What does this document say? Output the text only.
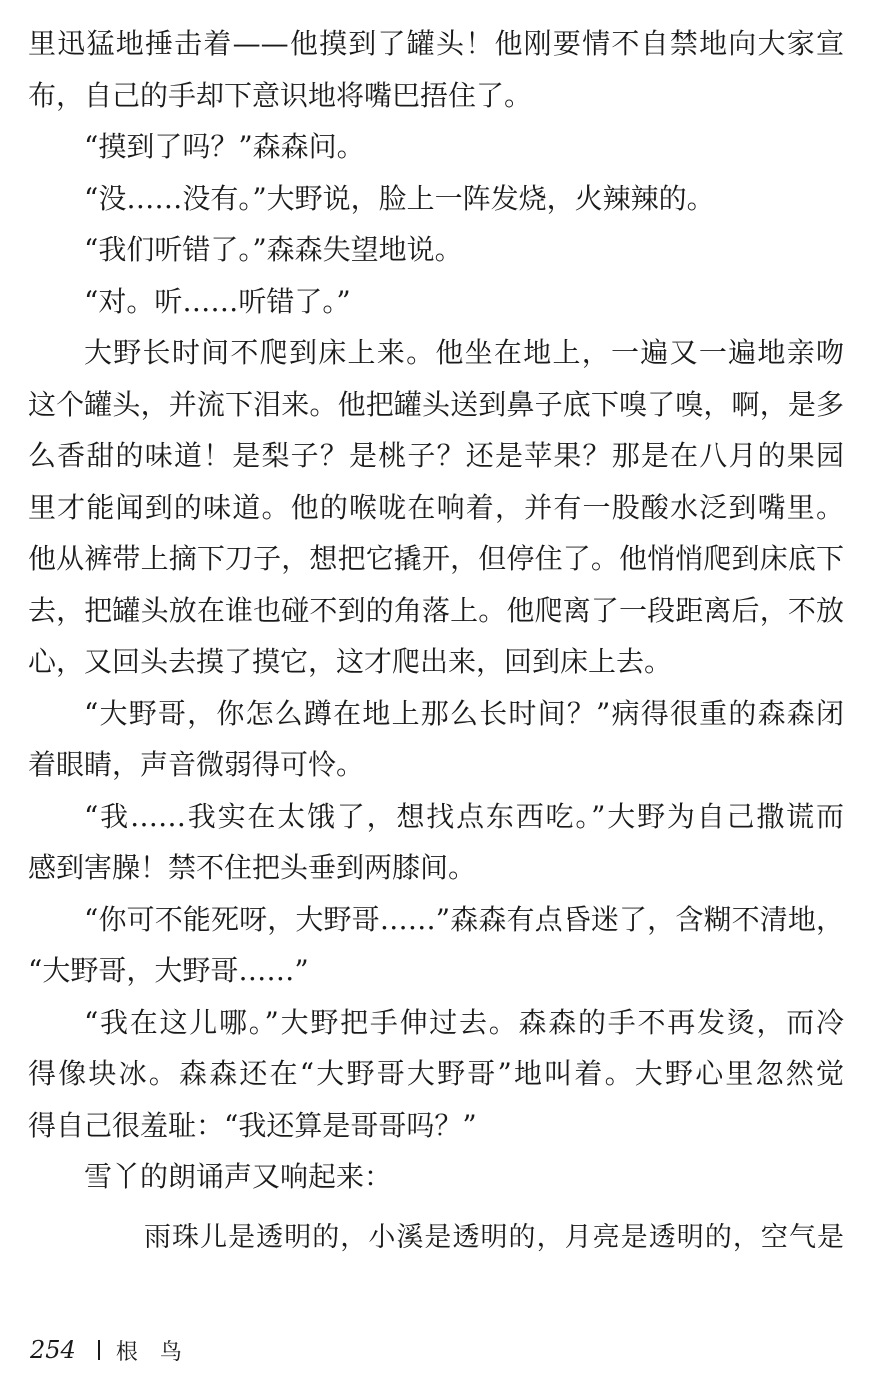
里迅猛地捶击着——他摸到了罐头！他刚要情不自禁地向大家宣
布，自己的手却下意识地将嘴巴捂住了。
“摸到了吗？”森森问。
“没……没有。”大野说，脸上一阵发烧，火辣辣的。
“我们听错了。”森森失望地说。
“对。听……听错了。”
大野长时间不爬到床上来。他坐在地上，一遍又一遍地亲吻
这个罐头，并流下泪来。他把罐头送到鼻子底下嗅了嗅，啊，是多
么香甜的味道！是梨子？是桃子？还是苹果？那是在八月的果园
里才能闻到的味道。他的喉咙在响着，并有一股酸水泛到嘴里。
他从裤带上摘下刀子，想把它撬开，但停住了。他悄悄爬到床底下
去，把罐头放在谁也碰不到的角落上。他爬离了一段距离后，不放
心，又回头去摸了摸它，这才爬出来，回到床上去。
“大野哥，你怎么蹲在地上那么长时间？”病得很重的森森闭
着眼睛，声音微弱得可怜。
“我……我实在太饿了，想找点东西吃。”大野为自己撒谎而
感到害臊！禁不住把头垂到两膝间。
“你可不能死呀，大野哥……”森森有点昏迷了，含糊不清地，
“大野哥，大野哥……”
“我在这儿哪。”大野把手伸过去。森森的手不再发烫，而冷
得像块冰。森森还在“大野哥大野哥”地叫着。大野心里忽然觉
得自己很羞耻：“我还算是哥哥吗？”
雪丫的朗诵声又响起来：
雨珠儿是透明的，小溪是透明的，月亮是透明的，空气是
254 根鸟
